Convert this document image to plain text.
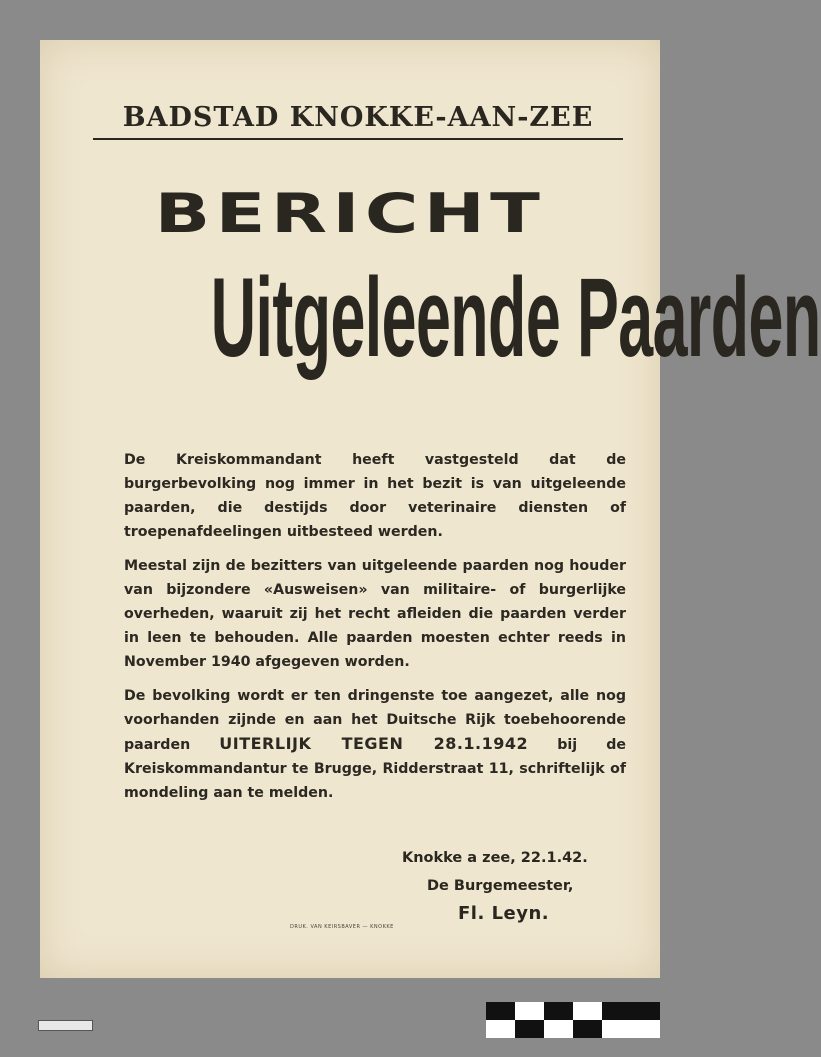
BADSTAD KNOKKE-AAN-ZEE
BERICHT
Uitgeleende Paarden

De Kreiskommandant heeft vastgesteld dat de burgerbevolking nog immer in het bezit is van uitgeleende paarden, die destijds door veterinaire diensten of troepenafdeelingen uitbesteed werden.

Meestal zijn de bezitters van uitgeleende paarden nog houder van bijzondere «Ausweisen» van militaire- of burgerlijke overheden, waaruit zij het recht afleiden die paarden verder in leen te behouden. Alle paarden moesten echter reeds in November 1940 afgegeven worden.

De bevolking wordt er ten dringenste toe aangezet, alle nog voorhanden zijnde en aan het Duitsche Rijk toebehoorende paarden UITERLIJK TEGEN 28.1.1942 bij de Kreiskommandantur te Brugge, Ridderstraat 11, schriftelijk of mondeling aan te melden.

Knokke a zee, 22.1.42.
De Burgemeester,
Fl. Leyn.
DRUK. VAN KEIRSBAVER — KNOKKE
